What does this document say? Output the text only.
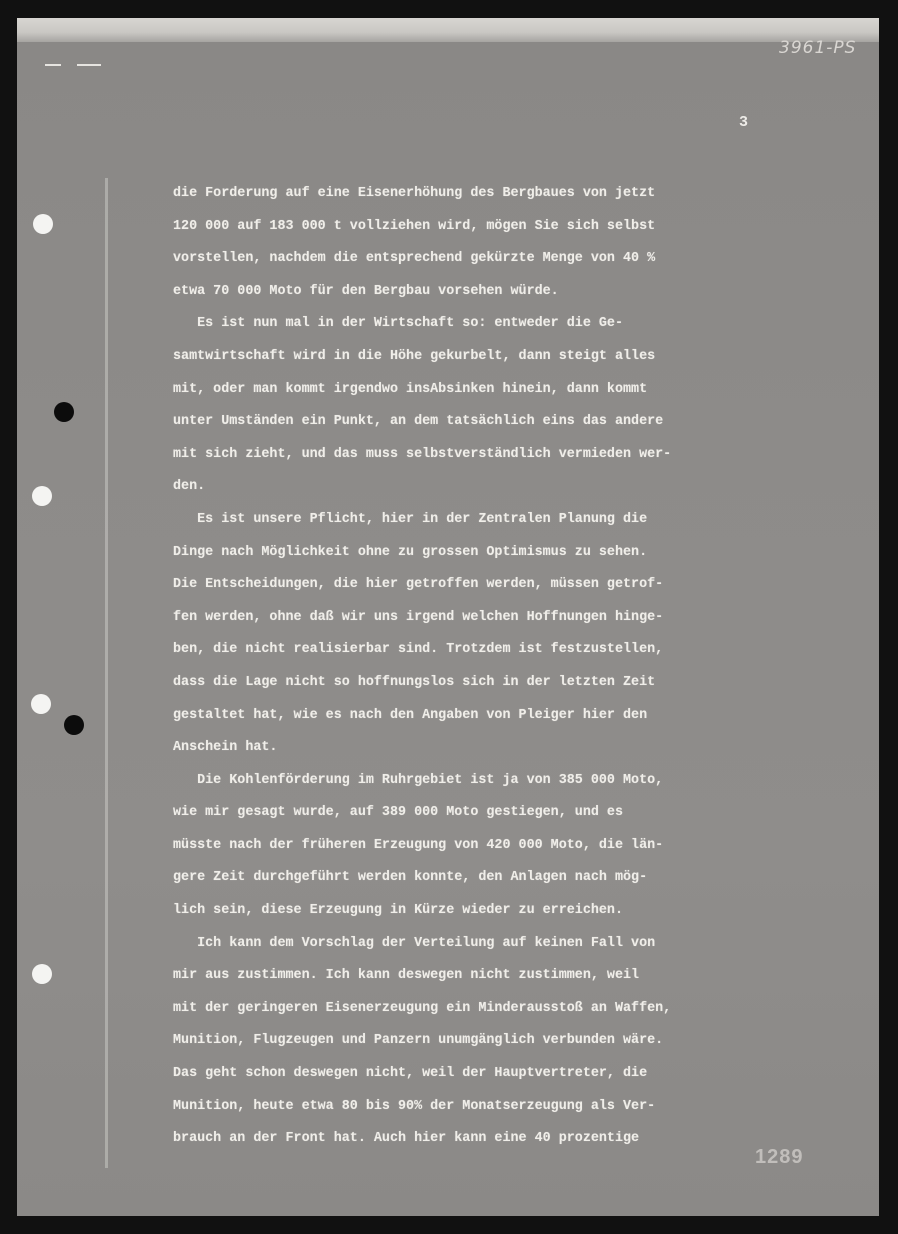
3961-PS
3
die Forderung auf eine Eisenerhöhung des Bergbaues von jetzt
120 000 auf 183 000 t vollziehen wird, mögen Sie sich selbst
vorstellen, nachdem die entsprechend gekürzte Menge von 40 %
etwa 70 000 Moto für den Bergbau vorsehen würde.
Es ist nun mal in der Wirtschaft so: entweder die Ge-
samtwirtschaft wird in die Höhe gekurbelt, dann steigt alles
mit, oder man kommt irgendwo insAbsinken hinein, dann kommt
unter Umständen ein Punkt, an dem tatsächlich eins das andere
mit sich zieht, und das muss selbstverständlich vermieden wer-
den.
Es ist unsere Pflicht, hier in der Zentralen Planung die
Dinge nach Möglichkeit ohne zu grossen Optimismus zu sehen.
Die Entscheidungen, die hier getroffen werden, müssen getrof-
fen werden, ohne daß wir uns irgend welchen Hoffnungen hinge-
ben, die nicht realisierbar sind. Trotzdem ist festzustellen,
dass die Lage nicht so hoffnungslos sich in der letzten Zeit
gestaltet hat, wie es nach den Angaben von Pleiger hier den
Anschein hat.
Die Kohlenförderung im Ruhrgebiet ist ja von 385 000 Moto,
wie mir gesagt wurde, auf 389 000 Moto gestiegen, und es
müsste nach der früheren Erzeugung von 420 000 Moto, die län-
gere Zeit durchgeführt werden konnte, den Anlagen nach mög-
lich sein, diese Erzeugung in Kürze wieder zu erreichen.
Ich kann dem Vorschlag der Verteilung auf keinen Fall von
mir aus zustimmen. Ich kann deswegen nicht zustimmen, weil
mit der geringeren Eisenerzeugung ein Minderausstoß an Waffen,
Munition, Flugzeugen und Panzern unumgänglich verbunden wäre.
Das geht schon deswegen nicht, weil der Hauptvertreter, die
Munition, heute etwa 80 bis 90% der Monatserzeugung als Ver-
brauch an der Front hat. Auch hier kann eine 40 prozentige
1289
